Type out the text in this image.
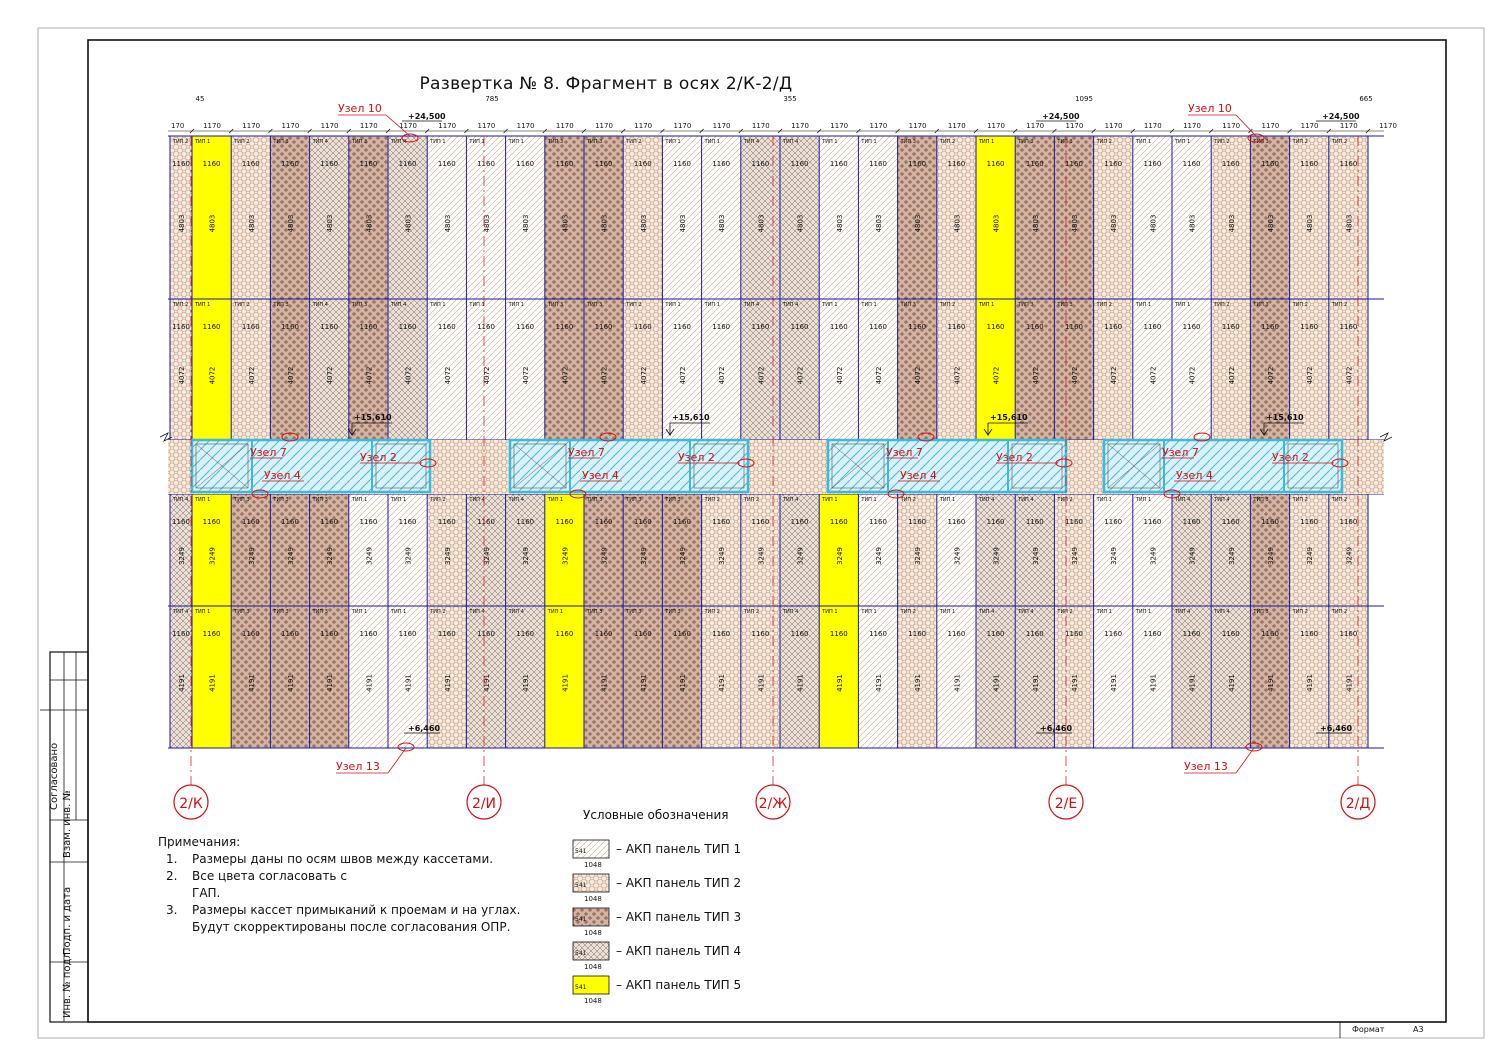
1160
4803
ТИП 2
1160
4803
ТИП 1
1160
4803
ТИП 2
1160
4803
ТИП 3
1160
4803
ТИП 4
1160
4803
ТИП 3
1160
4803
ТИП 4
1160
4803
ТИП 1
1160
4803
ТИП 1
1160
4803
ТИП 1
1160
4803
ТИП 3
1160
4803
ТИП 3
1160
4803
ТИП 2
1160
4803
ТИП 1
1160
4803
ТИП 1
1160
4803
ТИП 4
1160
4803
ТИП 4
1160
4803
ТИП 1
1160
4803
ТИП 1
1160
4803
ТИП 3
1160
4803
ТИП 2
1160
4803
ТИП 1
1160
4803
ТИП 3
1160
4803
ТИП 3
1160
4803
ТИП 2
1160
4803
ТИП 1
1160
4803
ТИП 1
1160
4803
ТИП 2
1160
4803
ТИП 3
1160
4803
ТИП 2
1160
4803
ТИП 2
1160
4072
ТИП 2
1160
4072
ТИП 1
1160
4072
ТИП 2
1160
4072
ТИП 3
1160
4072
ТИП 4
1160
4072
ТИП 3
1160
4072
ТИП 4
1160
4072
ТИП 1
1160
4072
ТИП 1
1160
4072
ТИП 1
1160
4072
ТИП 3
1160
4072
ТИП 3
1160
4072
ТИП 2
1160
4072
ТИП 1
1160
4072
ТИП 1
1160
4072
ТИП 4
1160
4072
ТИП 4
1160
4072
ТИП 1
1160
4072
ТИП 1
1160
4072
ТИП 3
1160
4072
ТИП 2
1160
4072
ТИП 1
1160
4072
ТИП 3
1160
4072
ТИП 3
1160
4072
ТИП 2
1160
4072
ТИП 1
1160
4072
ТИП 1
1160
4072
ТИП 2
1160
4072
ТИП 3
1160
4072
ТИП 2
1160
4072
ТИП 2
1160
3249
ТИП 4
1160
3249
ТИП 1
1160
3249
ТИП 3
1160
3249
ТИП 3
1160
3249
ТИП 3
1160
3249
ТИП 1
1160
3249
ТИП 1
1160
3249
ТИП 2
1160
3249
ТИП 4
1160
3249
ТИП 4
1160
3249
ТИП 1
1160
3249
ТИП 3
1160
3249
ТИП 3
1160
3249
ТИП 3
1160
3249
ТИП 2
1160
3249
ТИП 2
1160
3249
ТИП 4
1160
3249
ТИП 1
1160
3249
ТИП 1
1160
3249
ТИП 2
1160
3249
ТИП 1
1160
3249
ТИП 4
1160
3249
ТИП 4
1160
3249
ТИП 2
1160
3249
ТИП 1
1160
3249
ТИП 1
1160
3249
ТИП 4
1160
3249
ТИП 4
1160
3249
ТИП 3
1160
3249
ТИП 2
1160
3249
ТИП 2
1160
4191
ТИП 4
1160
4191
ТИП 1
1160
4191
ТИП 3
1160
4191
ТИП 3
1160
4191
ТИП 3
1160
4191
ТИП 1
1160
4191
ТИП 1
1160
4191
ТИП 2
1160
4191
ТИП 4
1160
4191
ТИП 4
1160
4191
ТИП 1
1160
4191
ТИП 3
1160
4191
ТИП 3
1160
4191
ТИП 3
1160
4191
ТИП 2
1160
4191
ТИП 2
1160
4191
ТИП 4
1160
4191
ТИП 1
1160
4191
ТИП 1
1160
4191
ТИП 2
1160
4191
ТИП 1
1160
4191
ТИП 4
1160
4191
ТИП 4
1160
4191
ТИП 2
1160
4191
ТИП 1
1160
4191
ТИП 1
1160
4191
ТИП 4
1160
4191
ТИП 4
1160
4191
ТИП 3
1160
4191
ТИП 2
1160
4191
ТИП 2
Узел 7
Узел 4
Узел 2
+15,610
Узел 7
Узел 4
Узел 2
+15,610
Узел 7
Узел 4
Узел 2
+15,610
Узел 7
Узел 4
Узел 2
+15,610
170	1170	1170	1170	1170	1170	1170	1170	1170	1170	1170	1170	1170	1170	1170	1170	1170	1170	1170	1170	1170	1170	1170	1170	1170	1170	1170	1170	1170	1170	1170	1170
45	785	355	1095	665
+24,500	+24,500	+24,500
+6,460	+6,460	+6,460
Узел 10	Узел 10
Узел 13	Узел 13
2/К	2/И	2/Ж	2/Е	2/Д
Согласовано
Взам. инв. №
Подп. и дата
Инв. № подл.
Формат	А3
541
1048
541
1048
541
1048
541
1048
541
1048
Развертка № 8. Фрагмент в осях 2/К-2/Д
Примечания:
1.	Размеры даны по осям швов между кассетами.
2.	Все цвета согласовать с
ГАП.
3.	Размеры кассет примыканий к проемам и на углах.
Будут скорректированы после согласования ОПР.
Условные обозначения
– АКП панель ТИП 1
– АКП панель ТИП 2
– АКП панель ТИП 3
– АКП панель ТИП 4
– АКП панель ТИП 5
